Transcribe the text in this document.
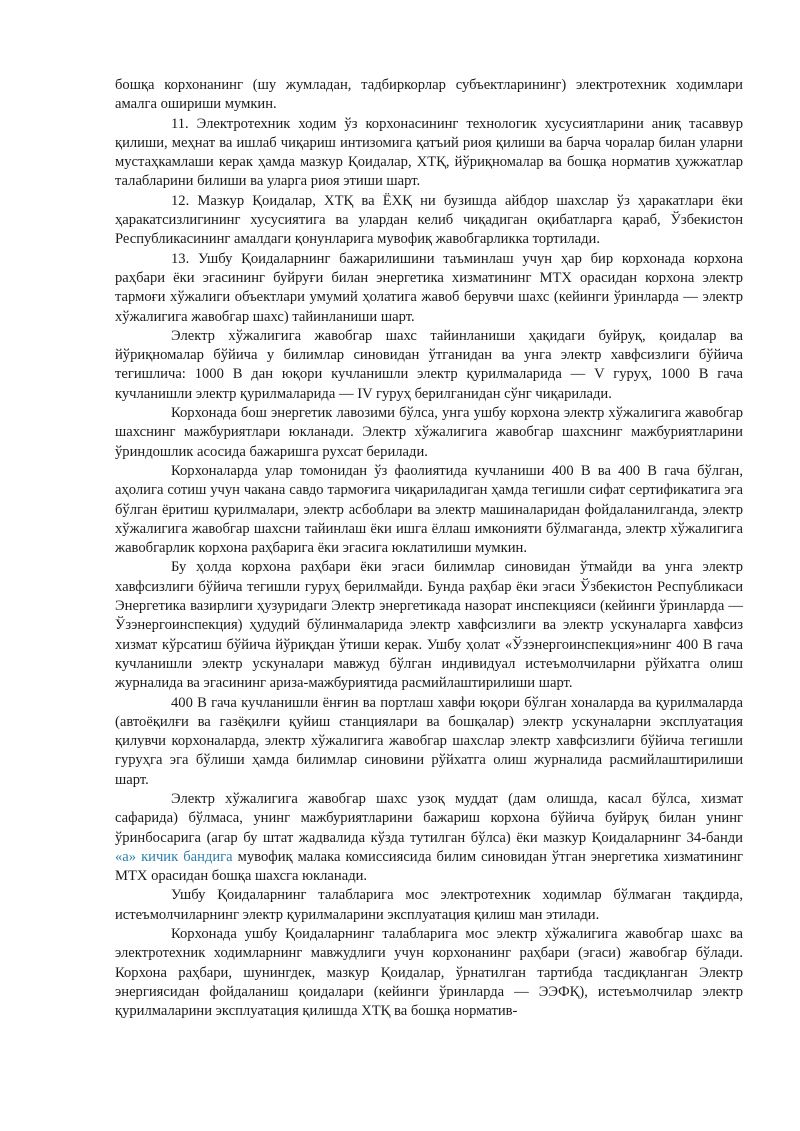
бошқа корхонанинг (шу жумладан, тадбиркорлар субъектларининг) электротехник ходимлари амалга ошириши мумкин.

11. Электротехник ходим ўз корхонасининг технологик хусусиятларини аниқ тасаввур қилиши, меҳнат ва ишлаб чиқариш интизомига қатъий риоя қилиши ва барча чоралар билан уларни мустаҳкамлаши керак ҳамда мазкур Қоидалар, ХТҚ, йўриқномалар ва бошқа норматив ҳужжатлар талабларини билиши ва уларга риоя этиши шарт.

12. Мазкур Қоидалар, ХТҚ ва ЁХҚ ни бузишда айбдор шахслар ўз ҳаракатлари ёки ҳаракатсизлигининг хусусиятига ва улардан келиб чиқадиган оқибатларга қараб, Ўзбекистон Республикасининг амалдаги қонунларига мувофиқ жавобгарликка тортилади.

13. Ушбу Қоидаларнинг бажарилишини таъминлаш учун ҳар бир корхонада корхона раҳбари ёки эгасининг буйруғи билан энергетика хизматининг МТХ орасидан корхона электр тармоғи хўжалиги объектлари умумий ҳолатига жавоб берувчи шахс (кейинги ўринларда — электр хўжалигига жавобгар шахс) тайинланиши шарт.

Электр хўжалигига жавобгар шахс тайинланиши ҳақидаги буйруқ, қоидалар ва йўриқномалар бўйича у билимлар синовидан ўтганидан ва унга электр хавфсизлиги бўйича тегишлича: 1000 В дан юқори кучланишли электр қурилмаларида — V гуруҳ, 1000 В гача кучланишли электр қурилмаларида — IV гуруҳ берилганидан сўнг чиқарилади.

Корхонада бош энергетик лавозими бўлса, унга ушбу корхона электр хўжалигига жавобгар шахснинг мажбуриятлари юкланади. Электр хўжалигига жавобгар шахснинг мажбуриятларини ўриндошлик асосида бажаришга рухсат берилади.

Корхоналарда улар томонидан ўз фаолиятида кучланиши 400 В ва 400 В гача бўлган, аҳолига сотиш учун чакана савдо тармоғига чиқариладиган ҳамда тегишли сифат сертификатига эга бўлган ёритиш қурилмалари, электр асбоблари ва электр машиналаридан фойдаланилганда, электр хўжалигига жавобгар шахсни тайинлаш ёки ишга ёллаш имконияти бўлмаганда, электр хўжалигига жавобгарлик корхона раҳбарига ёки эгасига юклатилиши мумкин.

Бу ҳолда корхона раҳбари ёки эгаси билимлар синовидан ўтмайди ва унга электр хавфсизлиги бўйича тегишли гуруҳ берилмайди. Бунда раҳбар ёки эгаси Ўзбекистон Республикаси Энергетика вазирлиги ҳузуридаги Электр энергетикада назорат инспекцияси (кейинги ўринларда — Ўзэнергоинспекция) ҳудудий бўлинмаларида электр хавфсизлиги ва электр ускуналарга хавфсиз хизмат кўрсатиш бўйича йўриқдан ўтиши керак. Ушбу ҳолат «Ўзэнергоинспекция»нинг 400 В гача кучланишли электр ускуналари мавжуд бўлган индивидуал истеъмолчиларни рўйхатга олиш журналида ва эгасининг ариза-мажбуриятида расмийлаштирилиши шарт.

400 В гача кучланишли ёнғин ва портлаш хавфи юқори бўлган хоналарда ва қурилмаларда (автоёқилғи ва газёқилғи қуйиш станциялари ва бошқалар) электр ускуналарни эксплуатация қилувчи корхоналарда, электр хўжалигига жавобгар шахслар электр хавфсизлиги бўйича тегишли гуруҳга эга бўлиши ҳамда билимлар синовини рўйхатга олиш журналида расмийлаштирилиши шарт.

Электр хўжалигига жавобгар шахс узоқ муддат (дам олишда, касал бўлса, хизмат сафарида) бўлмаса, унинг мажбуриятларини бажариш корхона бўйича буйруқ билан унинг ўринбосарига (агар бу штат жадвалида кўзда тутилган бўлса) ёки мазкур Қоидаларнинг 34-банди «а» кичик бандига мувофиқ малака комиссиясида билим синовидан ўтган энергетика хизматининг МТХ орасидан бошқа шахсга юкланади.

Ушбу Қоидаларнинг талабларига мос электротехник ходимлар бўлмаган тақдирда, истеъмолчиларнинг электр қурилмаларини эксплуатация қилиш ман этилади.

Корхонада ушбу Қоидаларнинг талабларига мос электр хўжалигига жавобгар шахс ва электротехник ходимларнинг мавжудлиги учун корхонанинг раҳбари (эгаси) жавобгар бўлади. Корхона раҳбари, шунингдек, мазкур Қоидалар, ўрнатилган тартибда тасдиқланган Электр энергиясидан фойдаланиш қоидалари (кейинги ўринларда — ЭЭФҚ), истеъмолчилар электр қурилмаларини эксплуатация қилишда ХТҚ ва бошқа норматив-
